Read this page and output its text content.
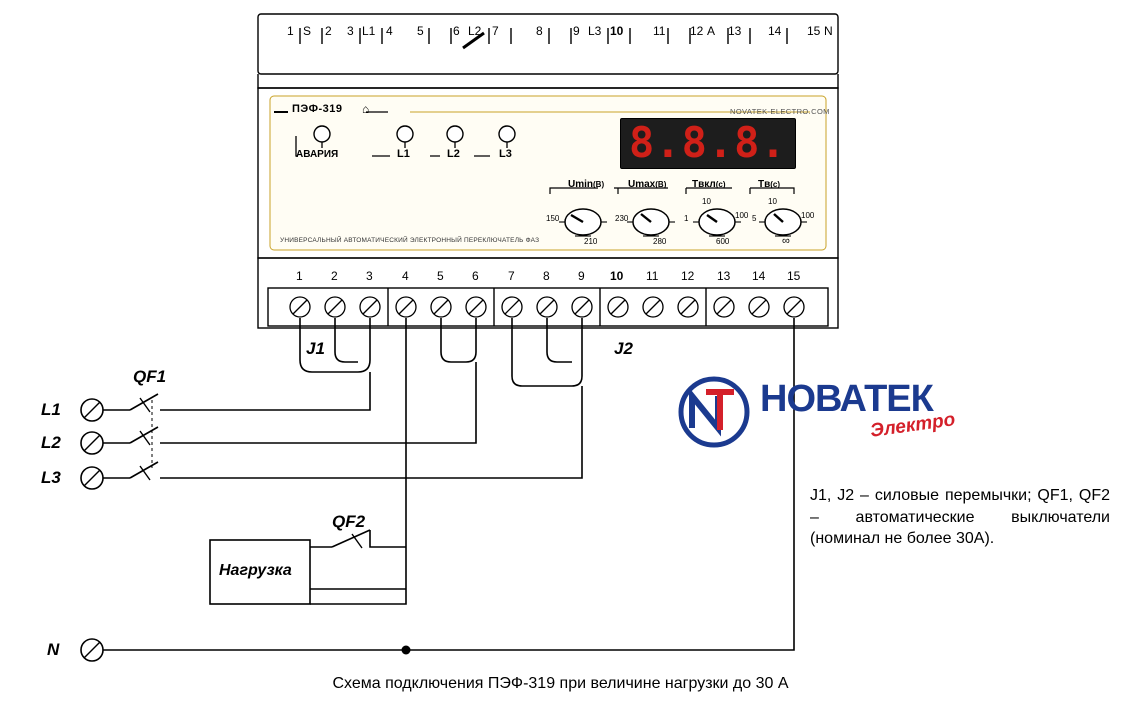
1 S 2 3 L1 4 5 6 L2 7	8	9 L3 10 11 12 A 13 14 15 N
ПЭФ-319 ⌂	NOVATEK-ELECTRO.COM
АВАРИЯ	L1	L2	L3	8.8.8.
Umin(В) Umax(В)	Tвкл(с)	Tв(с)
150
210
230
280
1
10
100
600
5
10
100
∞
УНИВЕРСАЛЬНЫЙ АВТОМАТИЧЕСКИЙ ЭЛЕКТРОННЫЙ ПЕРЕКЛЮЧАТЕЛЬ ФАЗ
1 2 3 4 5 6 7 8 9 10 11 12 13 14 15
J1	J2
QF1
QF2
L1
L2
L3
N
Нагрузка
НОВАТЕК
Электро
J1, J2 – силовые перемычки; QF1, QF2 – автоматические выключатели (номинал не более 30А).
Схема подключения ПЭФ-319 при величине нагрузки до 30 А
